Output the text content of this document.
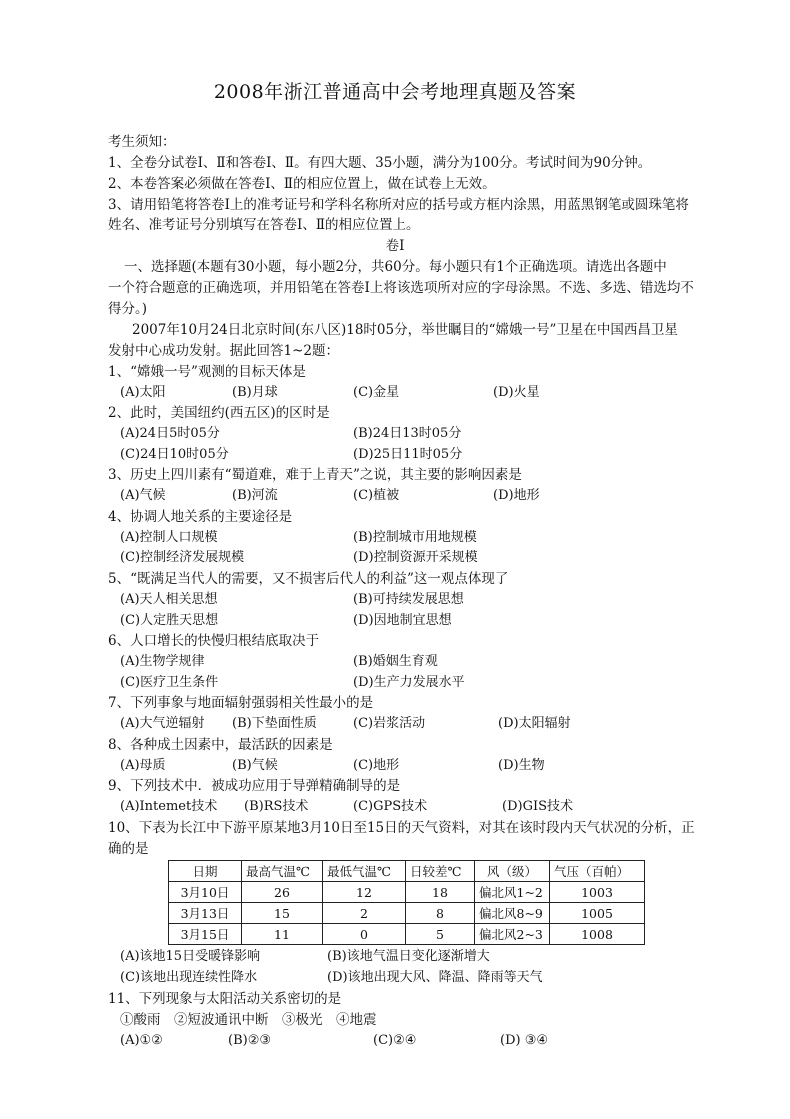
2008年浙江普通高中会考地理真题及答案
考生须知：
1、全卷分试卷Ⅰ、Ⅱ和答卷Ⅰ、Ⅱ。有四大题、35小题，满分为100分。考试时间为90分钟。
2、本卷答案必须做在答卷Ⅰ、Ⅱ的相应位置上，做在试卷上无效。
3、请用铅笔将答卷Ⅰ上的准考证号和学科名称所对应的括号或方框内涂黑，用蓝黑钢笔或圆珠笔将
姓名、准考证号分别填写在答卷Ⅰ、Ⅱ的相应位置上。
卷Ⅰ
一、选择题(本题有30小题，每小题2分，共60分。每小题只有1个正确选项。请选出各题中
一个符合题意的正确选项，并用铅笔在答卷Ⅰ上将该选项所对应的字母涂黑。不选、多选、错选均不
得分。)
2007年10月24日北京时间(东八区)18时05分，举世瞩目的“嫦娥一号”卫星在中国西昌卫星
发射中心成功发射。据此回答1~2题：
1、“嫦娥一号”观测的目标天体是
(A)太阳	(B)月球	(C)金星	(D)火星
2、此时，美国纽约(西五区)的区时是
(A)24日5时05分	(B)24日13时05分
(C)24日10时05分	(D)25日11时05分
3、历史上四川素有“蜀道难，难于上青天”之说，其主要的影响因素是
(A)气候	(B)河流	(C)植被	(D)地形
4、协调人地关系的主要途径是
(A)控制人口规模	(B)控制城市用地规模
(C)控制经济发展规模	(D)控制资源开采规模
5、“既满足当代人的需要，又不损害后代人的利益”这一观点体现了
(A)天人相关思想	(B)可持续发展思想
(C)人定胜天思想	(D)因地制宜思想
6、人口增长的快慢归根结底取决于
(A)生物学规律	(B)婚姻生育观
(C)医疗卫生条件	(D)生产力发展水平
7、下列事象与地面辐射强弱相关性最小的是
(A)大气逆辐射 (B)下垫面性质	(C)岩浆活动	(D)太阳辐射
8、各种成土因素中，最活跃的因素是
(A)母质	(B)气候	(C)地形	(D)生物
9、下列技术中．被成功应用于导弹精确制导的是
(A)Intemet技术 (B)RS技术	(C)GPS技术	(D)GIS技术
10、下表为长江中下游平原某地3月10日至15日的天气资料，对其在该时段内天气状况的分析，正
确的是
日期	最高气温℃	最低气温℃	日较差℃	风（级）	气压（百帕）
3月10日	26	12	18	偏北风1~2	1003
3月13日	15	2	8	偏北风8~9	1005
3月15日	11	0	5	偏北风2~3	1008
(A)该地15日受暖锋影响	(B)该地气温日变化逐渐增大
(C)该地出现连续性降水	(D)该地出现大风、降温、降雨等天气
11、下列现象与太阳活动关系密切的是
①酸雨　②短波通讯中断　③极光　④地震
(A)①②	(B)②③	(C)②④	(D) ③④
